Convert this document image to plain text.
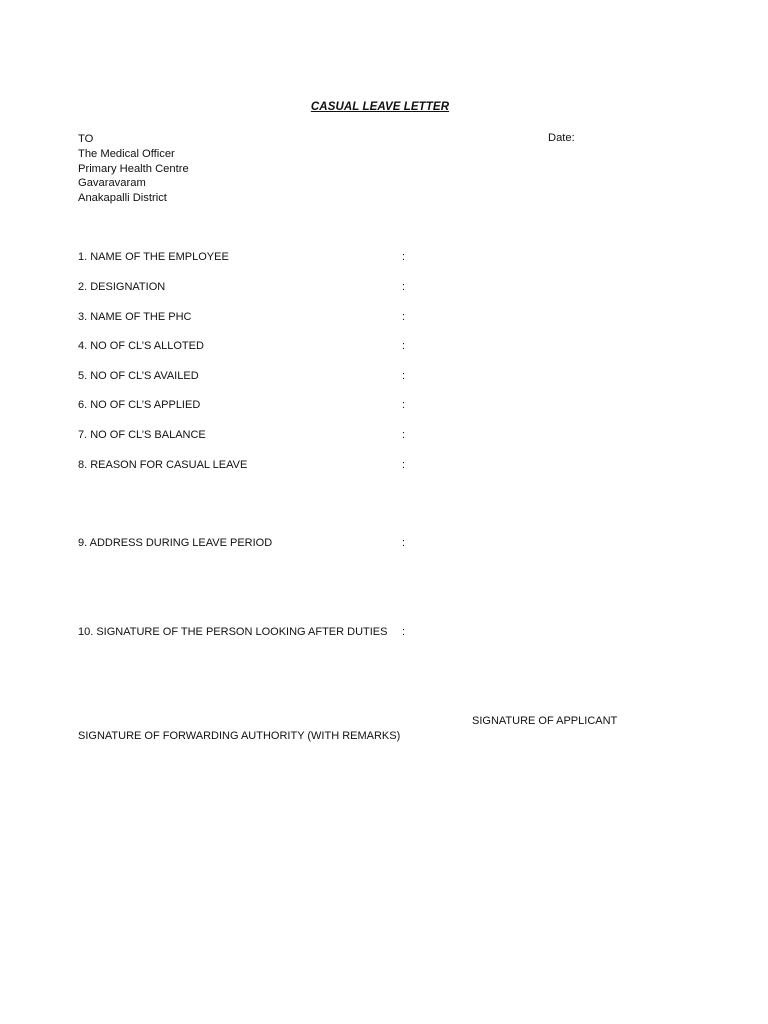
CASUAL LEAVE LETTER
TO
The Medical Officer
Primary Health Centre
Gavaravaram
Anakapalli District
Date:
1. NAME OF THE EMPLOYEE	:
2. DESIGNATION	:
3. NAME OF THE PHC	:
4. NO OF CL’S ALLOTED	:
5. NO OF CL’S AVAILED	:
6. NO OF CL’S APPLIED	:
7. NO OF CL’S BALANCE	:
8. REASON FOR CASUAL LEAVE	:
9. ADDRESS DURING LEAVE PERIOD	:
10. SIGNATURE OF THE PERSON LOOKING AFTER DUTIES :
SIGNATURE OF APPLICANT
SIGNATURE OF FORWARDING AUTHORITY (WITH REMARKS)
